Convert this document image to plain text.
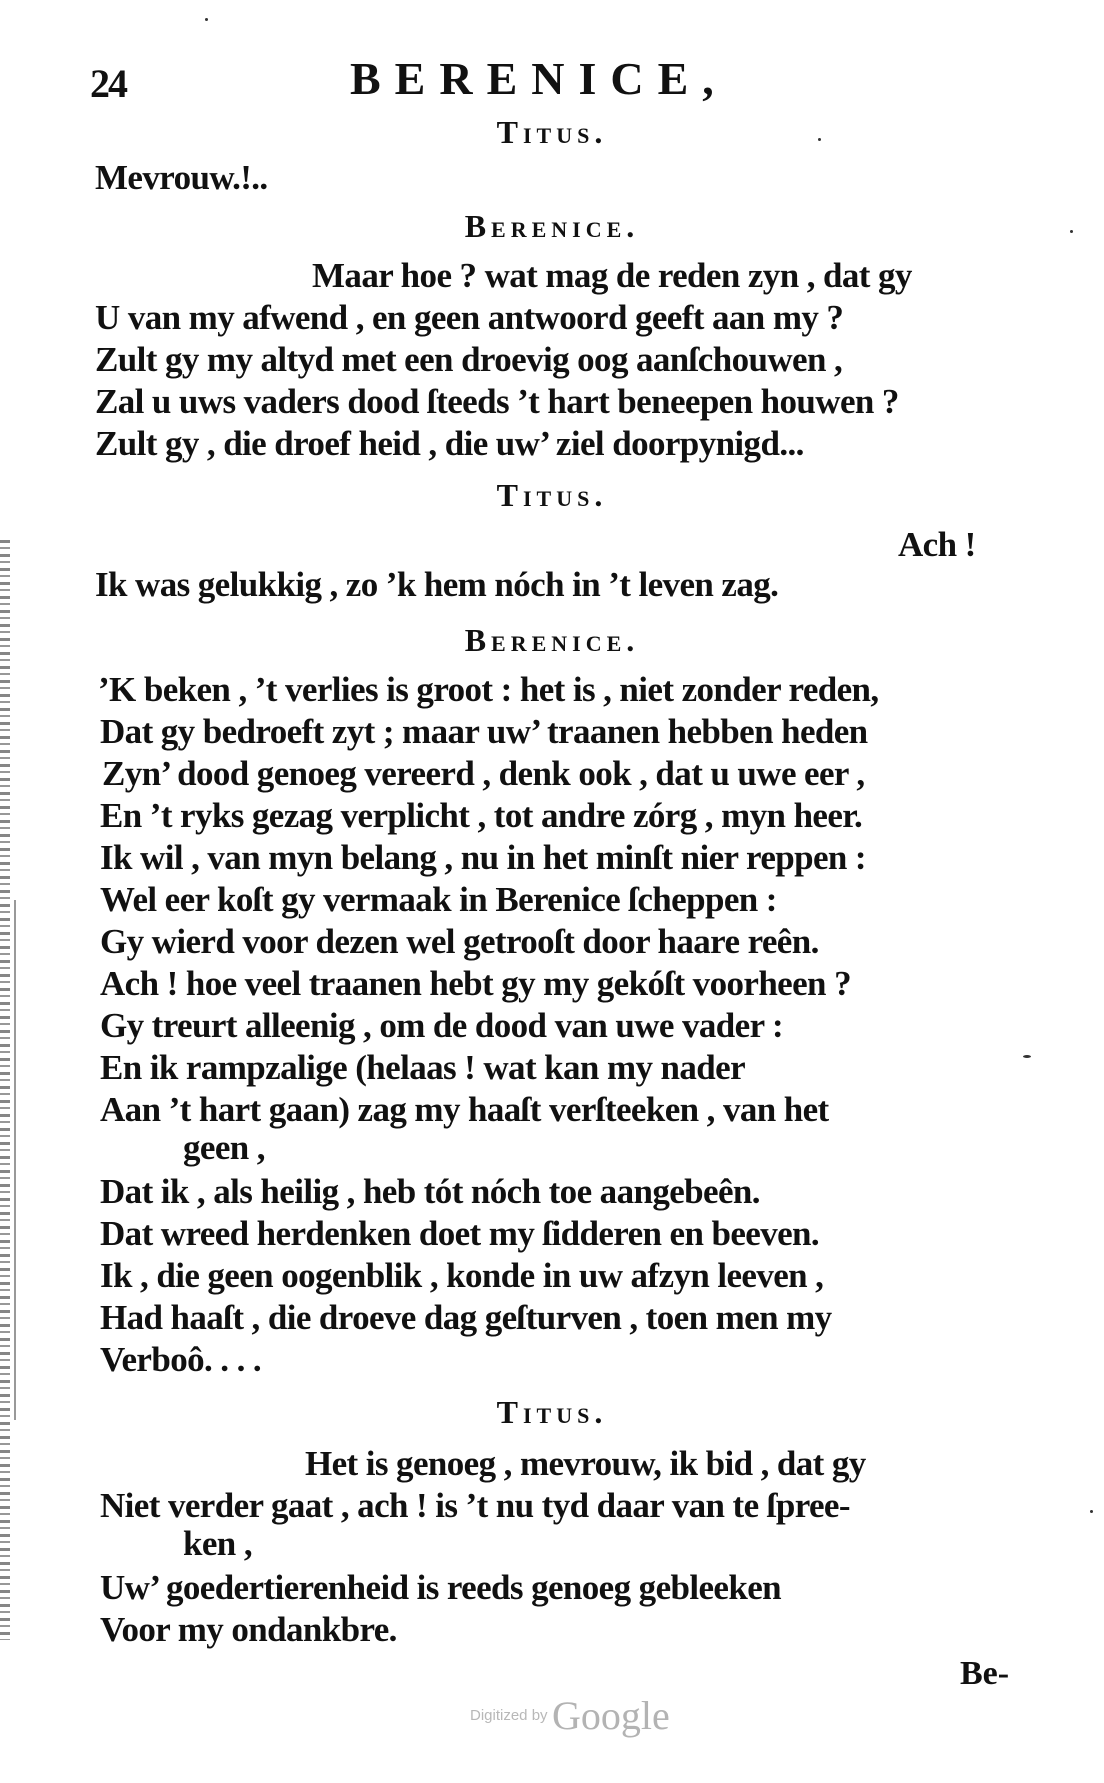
24	BERENICE,
Titus.
Mevrouw.!..
Berenice.
Maar hoe ? wat mag de reden zyn , dat gy
U van my afwend , en geen antwoord geeft aan my ?
Zult gy my altyd met een droevig oog aanſchouwen ,
Zal u uws vaders dood ſteeds ’t hart beneepen houwen ?
Zult gy , die droef heid , die uw’ ziel doorpynigd...
Titus.
Ach !
Ik was gelukkig , zo ’k hem nóch in ’t leven zag.
Berenice.
’K beken , ’t verlies is groot : het is , niet zonder reden,
Dat gy bedroeft zyt ; maar uw’ traanen hebben heden
Zyn’ dood genoeg vereerd , denk ook , dat u uwe eer ,
En ’t ryks gezag verplicht , tot andre zórg , myn heer.
Ik wil , van myn belang , nu in het minſt nier reppen :
Wel eer koſt gy vermaak in Berenice ſcheppen :
Gy wierd voor dezen wel getrooſt door haare reên.
Ach ! hoe veel traanen hebt gy my gekóſt voorheen ?
Gy treurt alleenig , om de dood van uwe vader :
En ik rampzalige (helaas ! wat kan my nader
Aan ’t hart gaan) zag my haaſt verſteeken , van het
geen ,
Dat ik , als heilig , heb tót nóch toe aangebeên.
Dat wreed herdenken doet my ſidderen en beeven.
Ik , die geen oogenblik , konde in uw afzyn leeven ,
Had haaſt , die droeve dag geſturven , toen men my
Verboô. . . .
Titus.
Het is genoeg , mevrouw, ik bid , dat gy
Niet verder gaat , ach ! is ’t nu tyd daar van te ſpree-
ken ,
Uw’ goedertierenheid is reeds genoeg gebleeken
Voor my ondankbre.
Be-
Digitized by Google
